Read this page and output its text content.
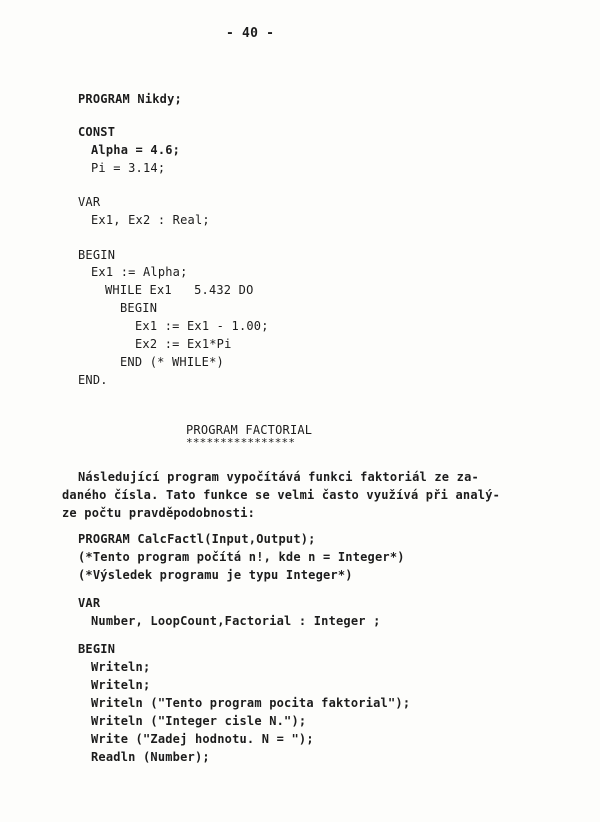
- 40 -
PROGRAM Nikdy;
CONST
Alpha = 4.6;
Pi = 3.14;
VAR
Ex1, Ex2 : Real;
BEGIN
Ex1 := Alpha;
WHILE Ex1   5.432 DO
BEGIN
Ex1 := Ex1 - 1.00;
Ex2 := Ex1*Pi
END (* WHILE*)
END.
PROGRAM FACTORIAL
****************
Následující program vypočítává funkci faktoriál ze za-
daného čísla. Tato funkce se velmi často využívá při analý-
ze počtu pravděpodobnosti:
PROGRAM CalcFactl(Input,Output);
(*Tento program počítá n!, kde n = Integer*)
(*Výsledek programu je typu Integer*)
VAR
Number, LoopCount,Factorial : Integer ;
BEGIN
Writeln;
Writeln;
Writeln ("Tento program pocita faktorial");
Writeln ("Integer cisle N.");
Write ("Zadej hodnotu. N = ");
Readln (Number);
